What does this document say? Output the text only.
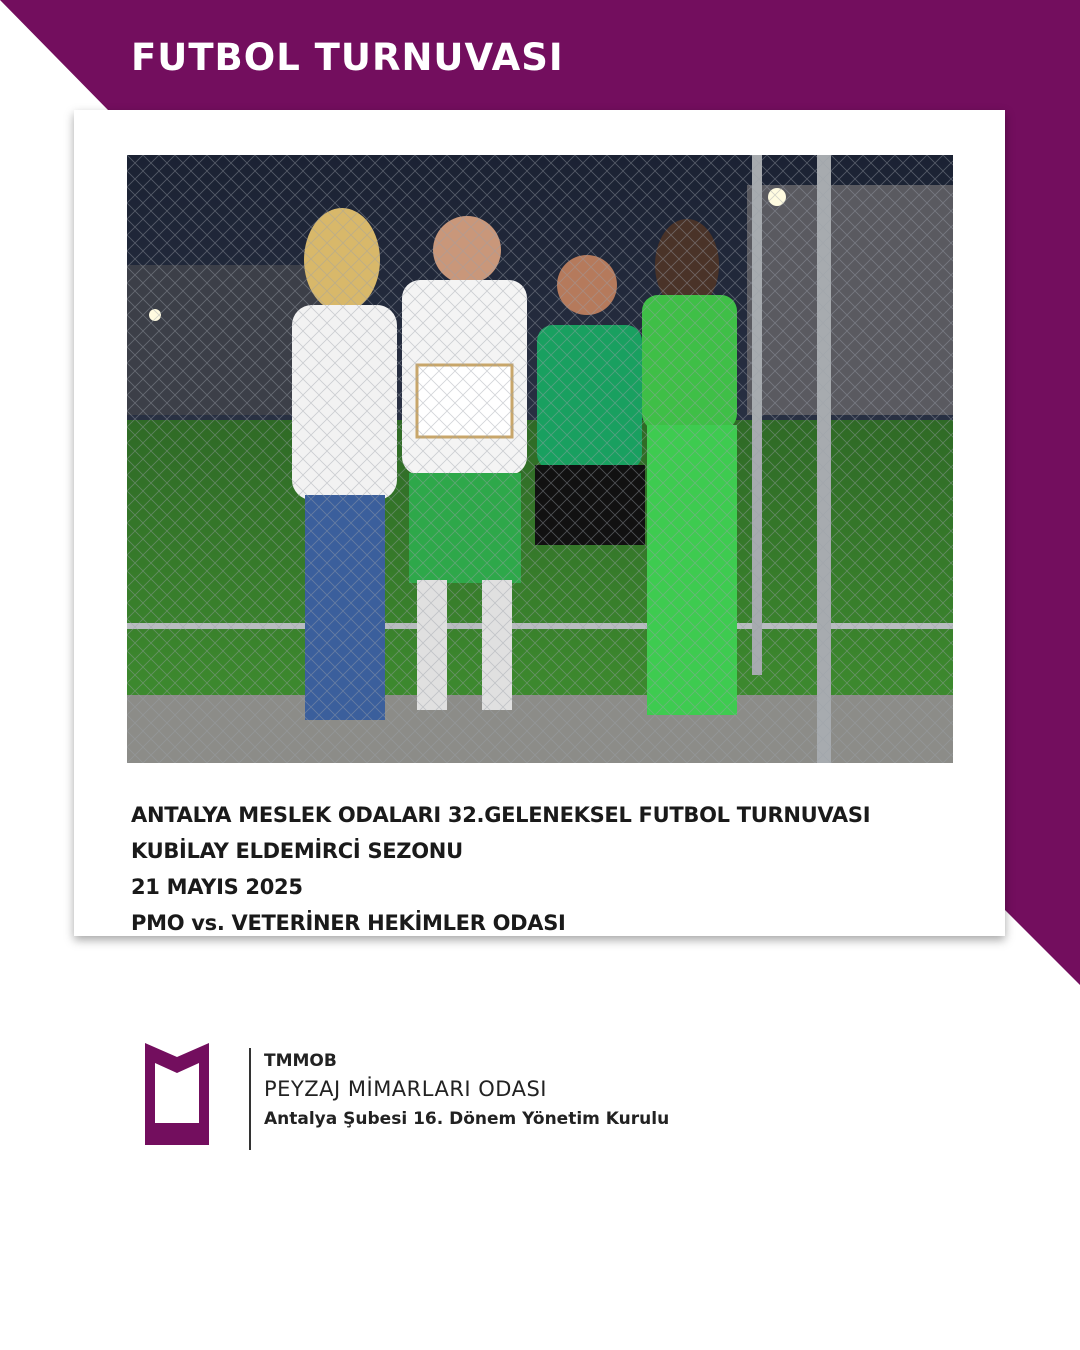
FUTBOL TURNUVASI
ANTALYA MESLEK ODALARI 32.GELENEKSEL FUTBOL TURNUVASI
KUBİLAY ELDEMİRCİ SEZONU
21 MAYIS 2025
PMO vs. VETERİNER HEKİMLER ODASI
TMMOB
PEYZAJ MİMARLARI ODASI
Antalya Şubesi 16. Dönem Yönetim Kurulu
